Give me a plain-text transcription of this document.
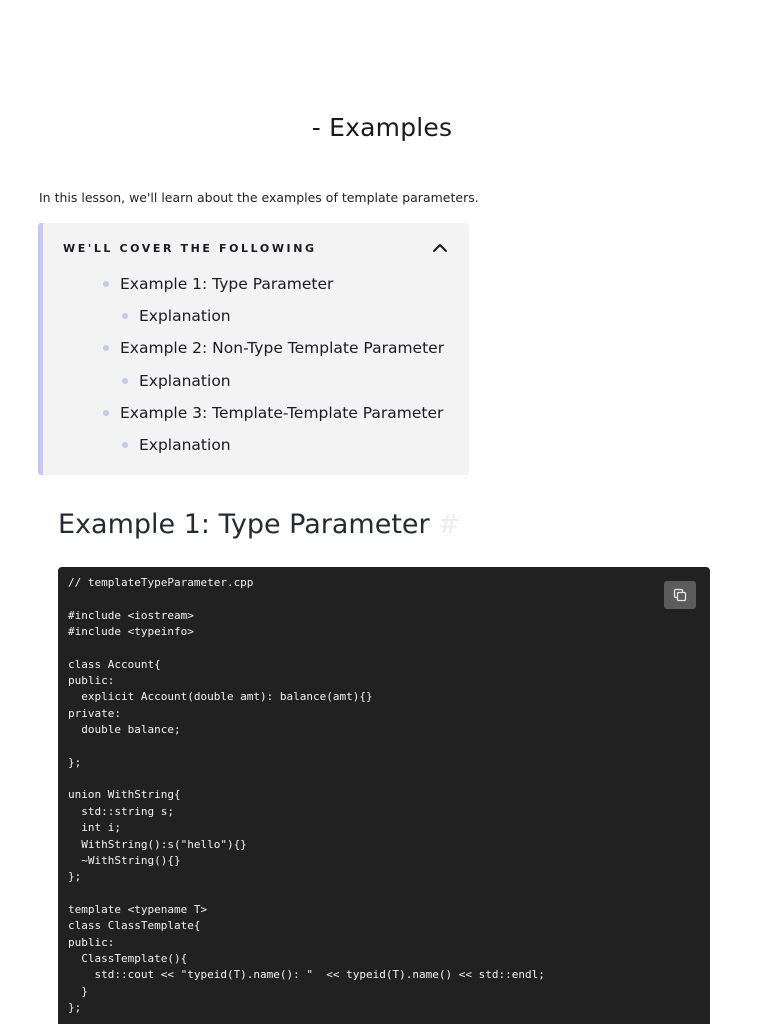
- Examples
In this lesson, we'll learn about the examples of template parameters.
WE'LL COVER THE FOLLOWING
Example 1: Type Parameter
Explanation
Example 2: Non-Type Template Parameter
Explanation
Example 3: Template-Template Parameter
Explanation
Example 1: Type Parameter #
// templateTypeParameter.cpp

#include <iostream>
#include <typeinfo>

class Account{
public:
explicit Account(double amt): balance(amt){}
private:
double balance;

};

union WithString{
std::string s;
int i;
WithString():s("hello"){}
~WithString(){}
};

template <typename T>
class ClassTemplate{
public:
ClassTemplate(){
std::cout << "typeid(T).name(): "  << typeid(T).name() << std::endl;
}
};
